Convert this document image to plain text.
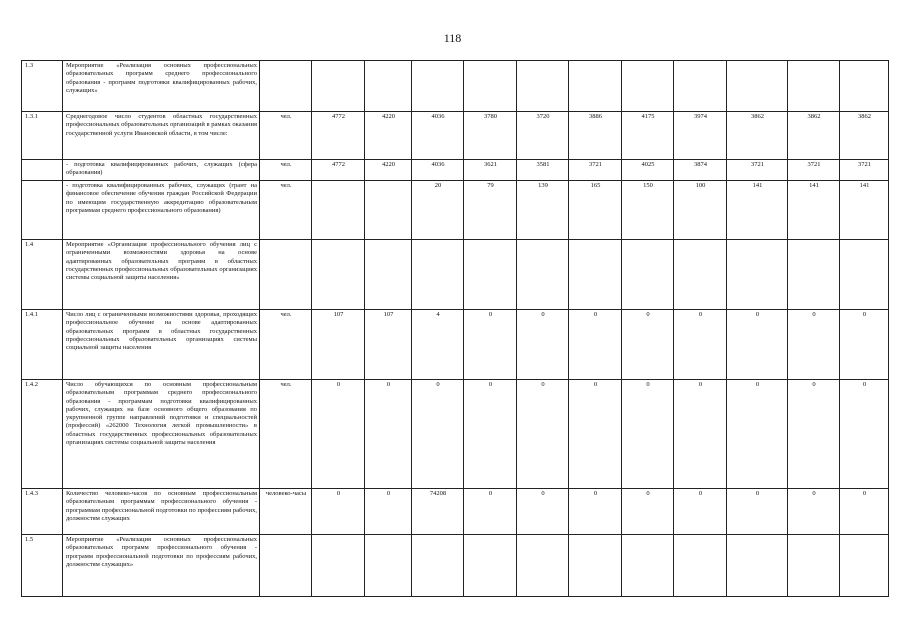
118
1.3	Мероприятие «Реализация основных профессиональных образовательных программ среднего профессионального образования - программ подготовки квалифицированных рабочих, служащих»												
1.3.1	Среднегодовое число студентов областных государственных профессиональных образовательных организаций в рамках оказания государственной услуги Ивановской области, в том числе:	чел.	4772	4220	4036	3780	3720	3886	4175	3974	3862	3862	3862
	- подготовка квалифицированных рабочих, служащих (сфера образования)	чел.	4772	4220	4036	3621	3581	3721	4025	3874	3721	3721	3721
	- подготовка квалифицированных рабочих, служащих (грант на финансовое обеспечение обучения граждан Российской Федерации по имеющим государственную аккредитацию образовательным программам среднего профессионального образования)	чел.			20	79	139	165	150	100	141	141	141
1.4	Мероприятие «Организация профессионального обучения лиц с ограниченными возможностями здоровья на основе адаптированных образовательных программ в областных государственных профессиональных образовательных организациях системы социальной защиты населения»												
1.4.1	Число лиц с ограниченными возможностями здоровья, проходящих профессиональное обучение на основе адаптированных образовательных программ в областных государственных профессиональных образовательных организациях системы социальной защиты населения	чел.	107	107	4	0	0	0	0	0	0	0	0
1.4.2	Число обучающихся по основным профессиональным образовательным программам среднего профессионального образования - программам подготовки квалифицированных рабочих, служащих на базе основного общего образования по укрупненной группе направлений подготовки и специальностей (профессий) «262000 Технология легкой промышленности» в областных государственных профессиональных образовательных организациях системы социальной защиты населения	чел.	0	0	0	0	0	0	0	0	0	0	0
1.4.3	Количество человеко-часов по основным профессиональным образовательным программам профессионального обучения - программам профессиональной подготовки по профессиям рабочих, должностям служащих	человеко-часы	0	0	74208	0	0	0	0	0	0	0	0
1.5	Мероприятие «Реализация основных профессиональных образовательных программ профессионального обучения - программ профессиональной подготовки по профессиям рабочих, должностям служащих»												
